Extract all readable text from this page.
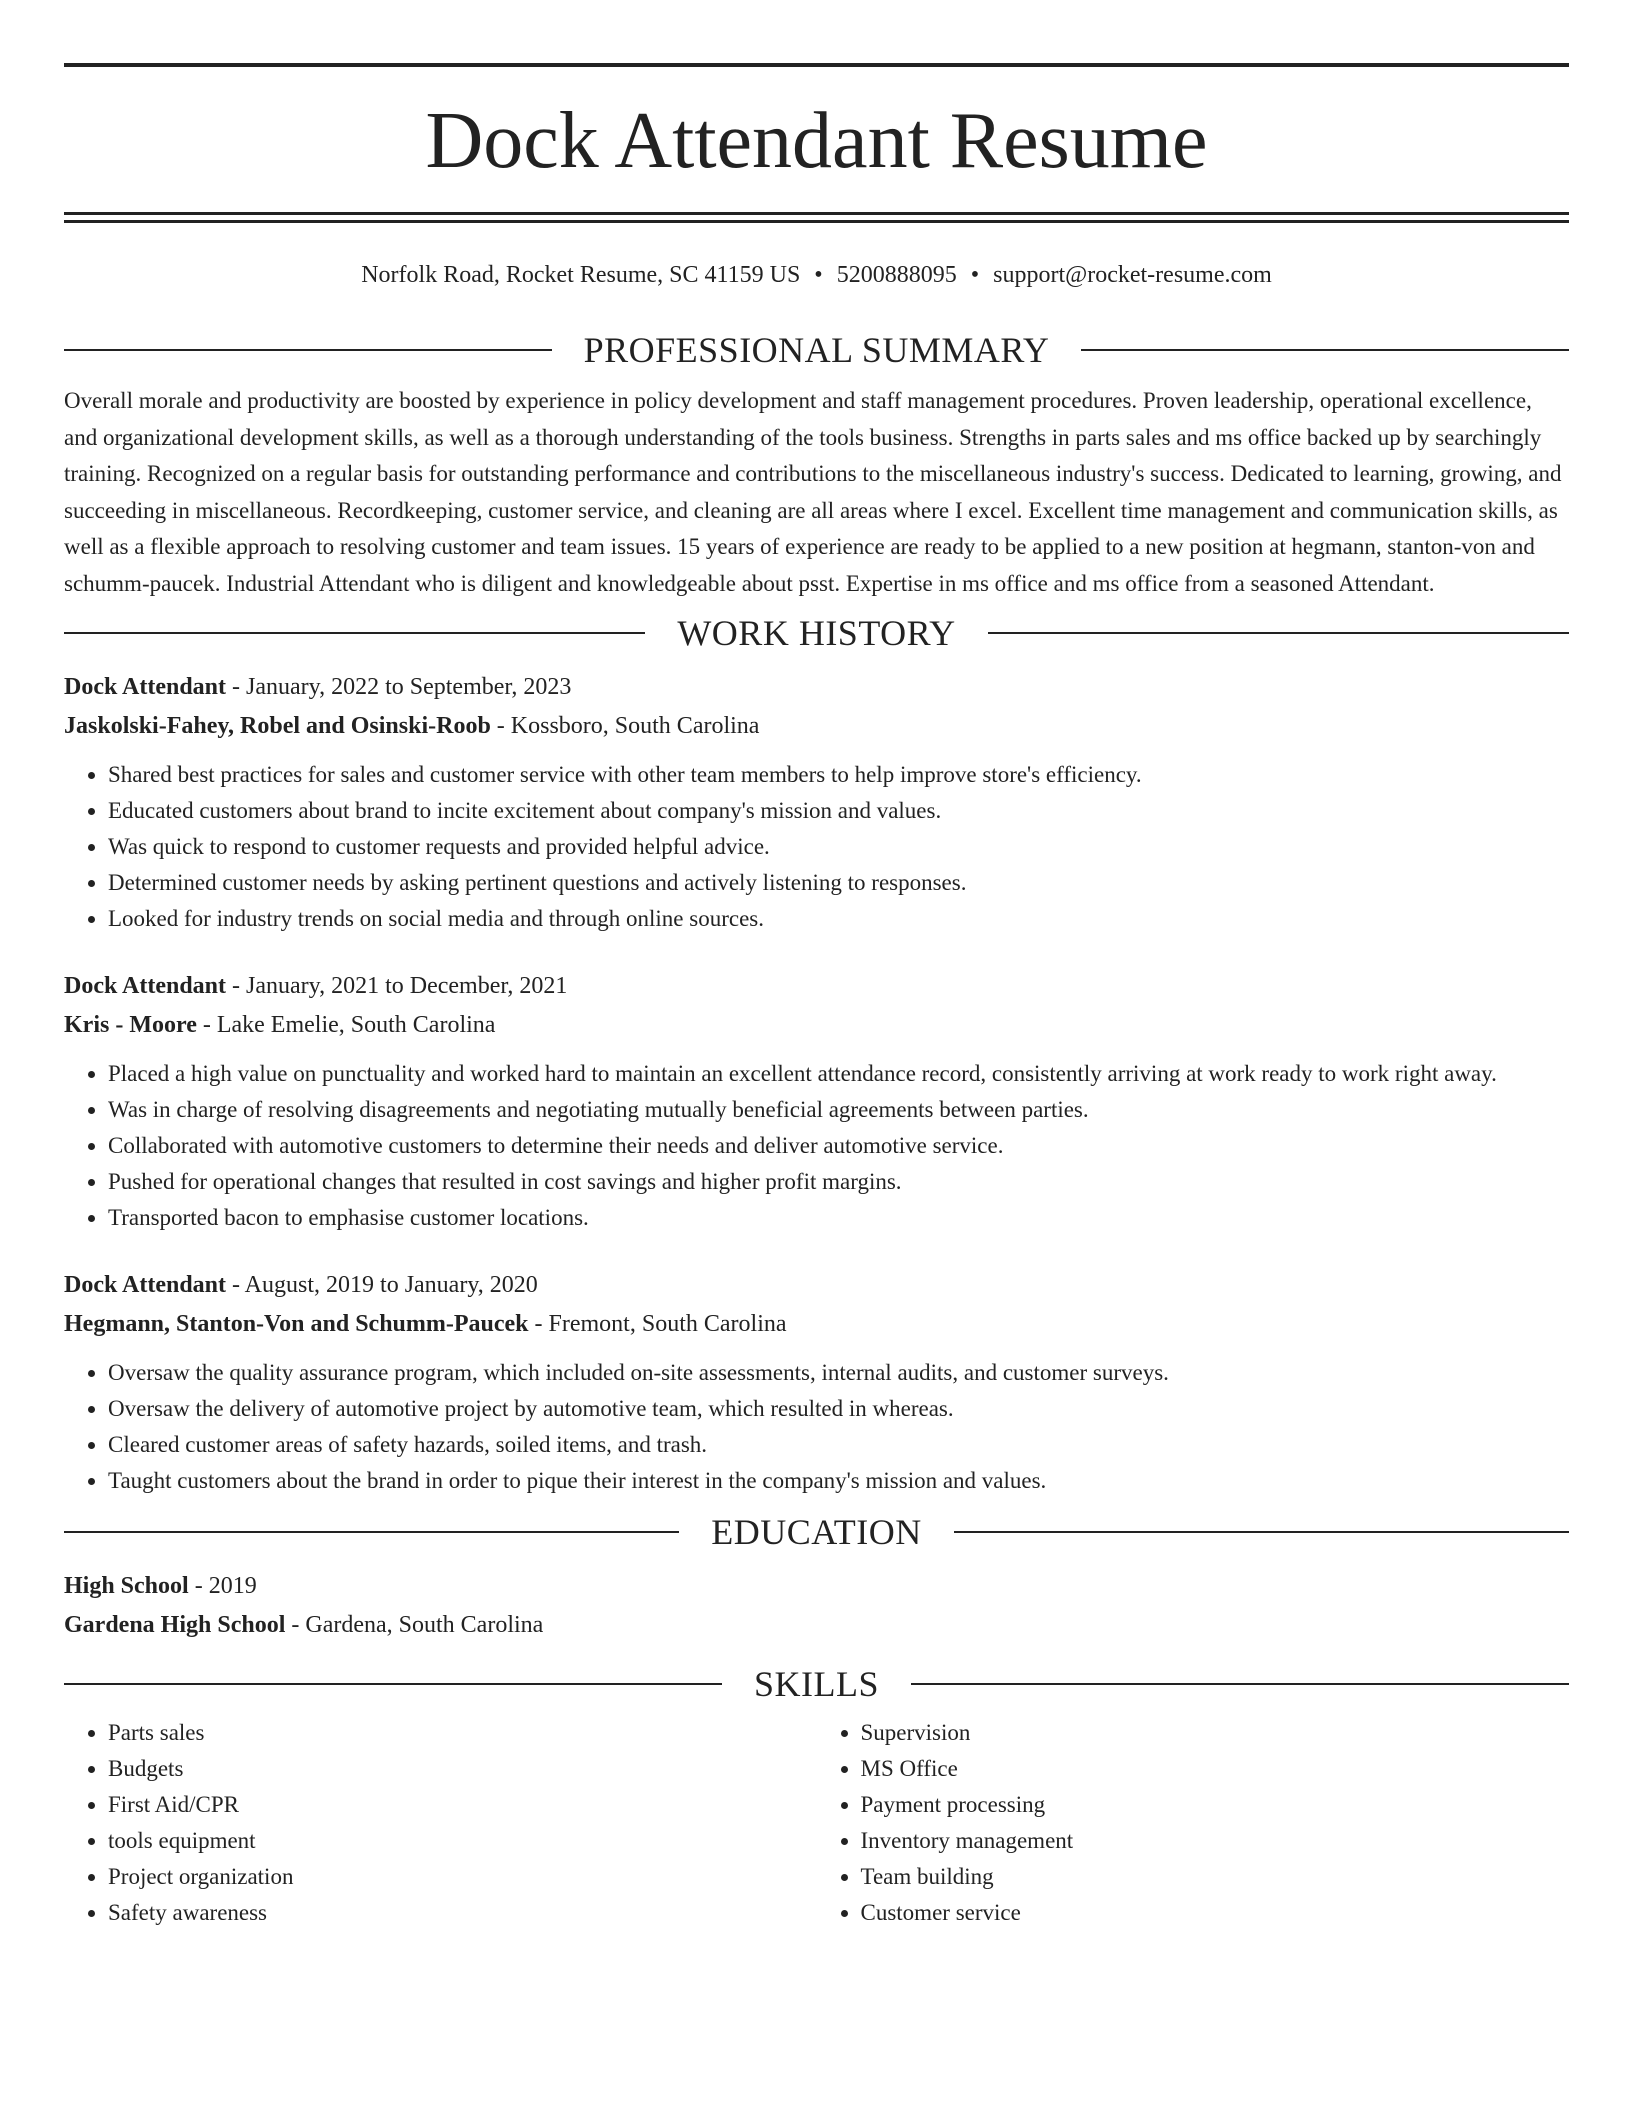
Dock Attendant Resume
Norfolk Road, Rocket Resume, SC 41159 US • 5200888095 • support@rocket-resume.com
PROFESSIONAL SUMMARY

Overall morale and productivity are boosted by experience in policy development and staff management procedures. Proven leadership, operational excellence, and organizational development skills, as well as a thorough understanding of the tools business. Strengths in parts sales and ms office backed up by searchingly training. Recognized on a regular basis for outstanding performance and contributions to the miscellaneous industry's success. Dedicated to learning, growing, and succeeding in miscellaneous. Recordkeeping, customer service, and cleaning are all areas where I excel. Excellent time management and communication skills, as well as a flexible approach to resolving customer and team issues. 15 years of experience are ready to be applied to a new position at hegmann, stanton-von and schumm-paucek. Industrial Attendant who is diligent and knowledgeable about psst. Expertise in ms office and ms office from a seasoned Attendant.

WORK HISTORY
Dock Attendant - January, 2022 to September, 2023
Jaskolski-Fahey, Robel and Osinski-Roob - Kossboro, South Carolina
• Shared best practices for sales and customer service with other team members to help improve store's efficiency.
• Educated customers about brand to incite excitement about company's mission and values.
• Was quick to respond to customer requests and provided helpful advice.
• Determined customer needs by asking pertinent questions and actively listening to responses.
• Looked for industry trends on social media and through online sources.
Dock Attendant - January, 2021 to December, 2021
Kris - Moore - Lake Emelie, South Carolina
• Placed a high value on punctuality and worked hard to maintain an excellent attendance record, consistently arriving at work ready to work right away.
• Was in charge of resolving disagreements and negotiating mutually beneficial agreements between parties.
• Collaborated with automotive customers to determine their needs and deliver automotive service.
• Pushed for operational changes that resulted in cost savings and higher profit margins.
• Transported bacon to emphasise customer locations.
Dock Attendant - August, 2019 to January, 2020
Hegmann, Stanton-Von and Schumm-Paucek - Fremont, South Carolina
• Oversaw the quality assurance program, which included on-site assessments, internal audits, and customer surveys.
• Oversaw the delivery of automotive project by automotive team, which resulted in whereas.
• Cleared customer areas of safety hazards, soiled items, and trash.
• Taught customers about the brand in order to pique their interest in the company's mission and values.
EDUCATION
High School - 2019
Gardena High School - Gardena, South Carolina
SKILLS
• Parts sales
• Budgets
• First Aid/CPR
• tools equipment
• Project organization
• Safety awareness
• Supervision
• MS Office
• Payment processing
• Inventory management
• Team building
• Customer service
